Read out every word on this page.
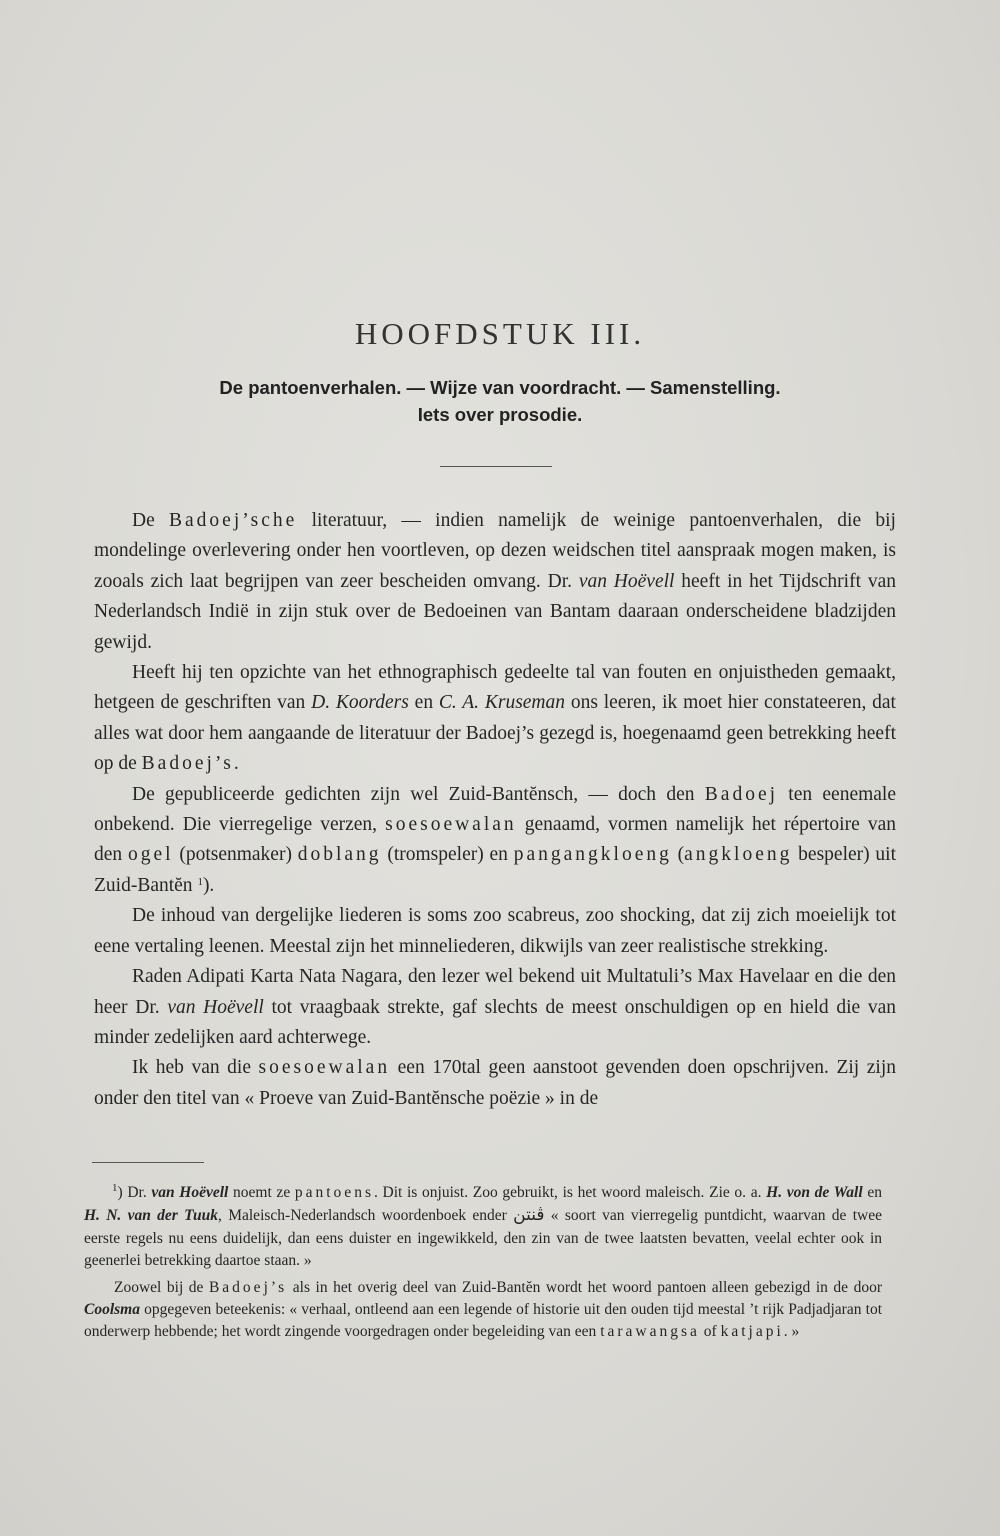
HOOFDSTUK III.
De pantoenverhalen. — Wijze van voordracht. — Samenstelling.
Iets over prosodie.

De Badoej’sche literatuur, — indien namelijk de weinige pantoenverhalen, die bij mondelinge overlevering onder hen voortleven, op dezen weidschen titel aanspraak mogen maken, is zooals zich laat begrijpen van zeer bescheiden omvang. Dr. van Hoëvell heeft in het Tijdschrift van Nederlandsch Indië in zijn stuk over de Bedoeinen van Bantam daaraan onderscheidene bladzijden gewijd.

Heeft hij ten opzichte van het ethnographisch gedeelte tal van fouten en onjuistheden gemaakt, hetgeen de geschriften van D. Koorders en C. A. Kruseman ons leeren, ik moet hier constateeren, dat alles wat door hem aangaande de literatuur der Badoej’s gezegd is, hoegenaamd geen betrekking heeft op de Badoej’s.

De gepubliceerde gedichten zijn wel Zuid-Bantĕnsch, — doch den Badoej ten eenemale onbekend. Die vierregelige verzen, soesoewalan genaamd, vormen namelijk het répertoire van den ogel (potsenmaker) doblang (tromspeler) en pangangkloeng (angkloeng bespeler) uit Zuid-Bantĕn $^1$).

De inhoud van dergelijke liederen is soms zoo scabreus, zoo shocking, dat zij zich moeielijk tot eene vertaling leenen. Meestal zijn het minneliederen, dikwijls van zeer realistische strekking.

Raden Adipati Karta Nata Nagara, den lezer wel bekend uit Multatuli’s Max Havelaar en die den heer Dr. van Hoëvell tot vraagbaak strekte, gaf slechts de meest onschuldigen op en hield die van minder zedelijken aard achterwege.

Ik heb van die soesoewalan een 170tal geen aanstoot gevenden doen opschrijven. Zij zijn onder den titel van « Proeve van Zuid-Bantĕnsche poëzie » in de

$^1$) Dr. van Hoëvell noemt ze pantoens. Dit is onjuist. Zoo gebruikt, is het woord maleisch. Zie o. a. H. von de Wall en H. N. van der Tuuk, Maleisch-Nederlandsch woordenboek ender ڤنتن « soort van vierregelig puntdicht, waarvan de twee eerste regels nu eens duidelijk, dan eens duister en ingewikkeld, den zin van de twee laatsten bevatten, veelal echter ook in geenerlei betrekking daartoe staan. »

Zoowel bij de Badoej’s als in het overig deel van Zuid-Bantĕn wordt het woord pantoen alleen gebezigd in de door Coolsma opgegeven beteekenis: « verhaal, ontleend aan een legende of historie uit den ouden tijd meestal ’t rijk Padjadjaran tot onderwerp hebbende; het wordt zingende voorgedragen onder begeleiding van een tarawangsa of katjapi. »
